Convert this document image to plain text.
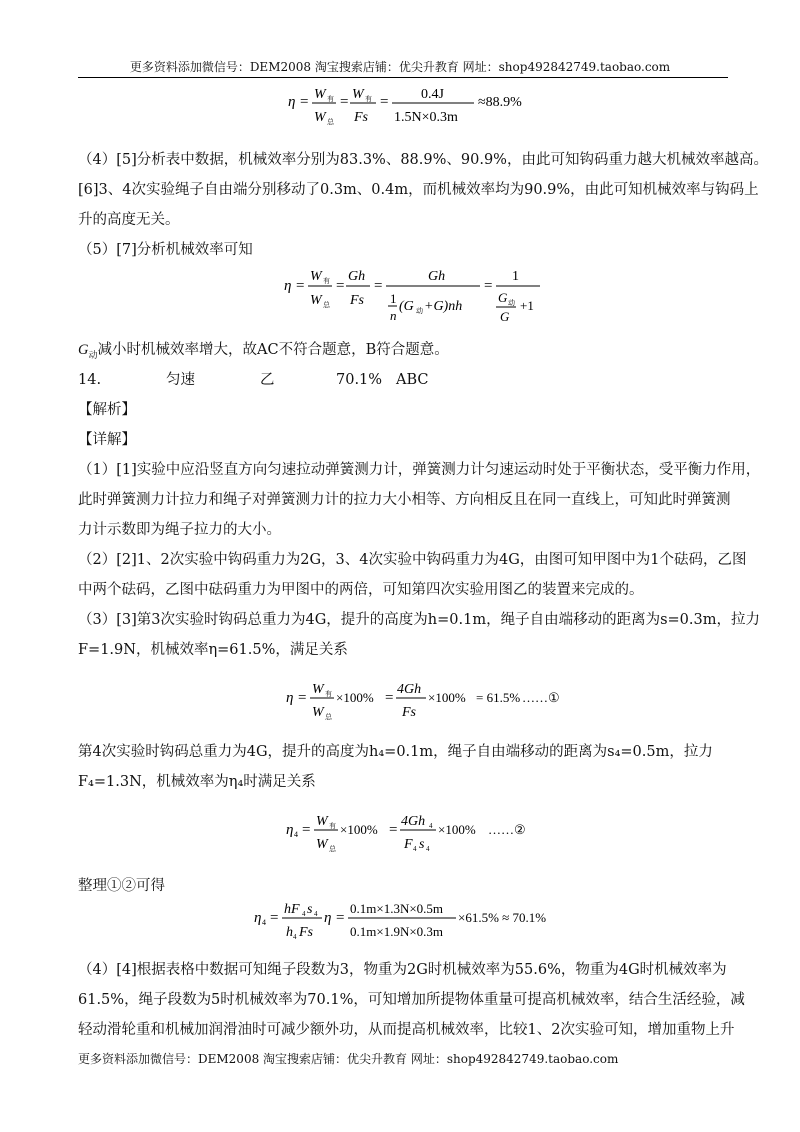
更多资料添加微信号：DEM2008 淘宝搜索店铺：优尖升教育 网址：shop492842749.taobao.com
η = W 有
W 总
= W 有
Fs
= 0.4J
1.5N×0.3m
≈88.9%
（4）[5]分析表中数据，机械效率分别为83.3%、88.9%、90.9%，由此可知钩码重力越大机械效率越高。
[6]3、4次实验绳子自由端分别移动了0.3m、0.4m，而机械效率均为90.9%，由此可知机械效率与钩码上
升的高度无关。
（5）[7]分析机械效率可知
η =
W 有
W 总
=
Gh
Fs
=
Gh
1
n
(G 动 +G)nh
=
1
G 动
G
+1
$G_动$减小时机械效率增大，故AC不符合题意，B符合题意。
14.	匀速	乙	70.1% ABC
【解析】
【详解】
（1）[1]实验中应沿竖直方向匀速拉动弹簧测力计，弹簧测力计匀速运动时处于平衡状态，受平衡力作用，
此时弹簧测力计拉力和绳子对弹簧测力计的拉力大小相等、方向相反且在同一直线上，可知此时弹簧测
力计示数即为绳子拉力的大小。
（2）[2]1、2次实验中钩码重力为2G，3、4次实验中钩码重力为4G，由图可知甲图中为1个砝码，乙图
中两个砝码，乙图中砝码重力为甲图中的两倍，可知第四次实验用图乙的装置来完成的。
（3）[3]第3次实验时钩码总重力为4G，提升的高度为h=0.1m，绳子自由端移动的距离为s=0.3m，拉力
F=1.9N，机械效率η=61.5%，满足关系
η =
W 有
W 总
×100% =
4Gh
Fs
×100% = 61.5% ……①
第4次实验时钩码总重力为4G，提升的高度为h₄=0.1m，绳子自由端移动的距离为s₄=0.5m，拉力
F₄=1.3N，机械效率为η₄时满足关系
η 4 =
W 有
W 总
×100% =
4Gh 4
F 4 s 4
×100% ……②
整理①②可得
η 4 =
hF 4 s 4
h 4 Fs
η =
0.1m×1.3N×0.5m
0.1m×1.9N×0.3m
×61.5% ≈ 70.1%
（4）[4]根据表格中数据可知绳子段数为3，物重为2G时机械效率为55.6%，物重为4G时机械效率为
61.5%，绳子段数为5时机械效率为70.1%，可知增加所提物体重量可提高机械效率，结合生活经验，减
轻动滑轮重和机械加润滑油时可减少额外功，从而提高机械效率，比较1、2次实验可知，增加重物上升
更多资料添加微信号：DEM2008 淘宝搜索店铺：优尖升教育 网址：shop492842749.taobao.com
